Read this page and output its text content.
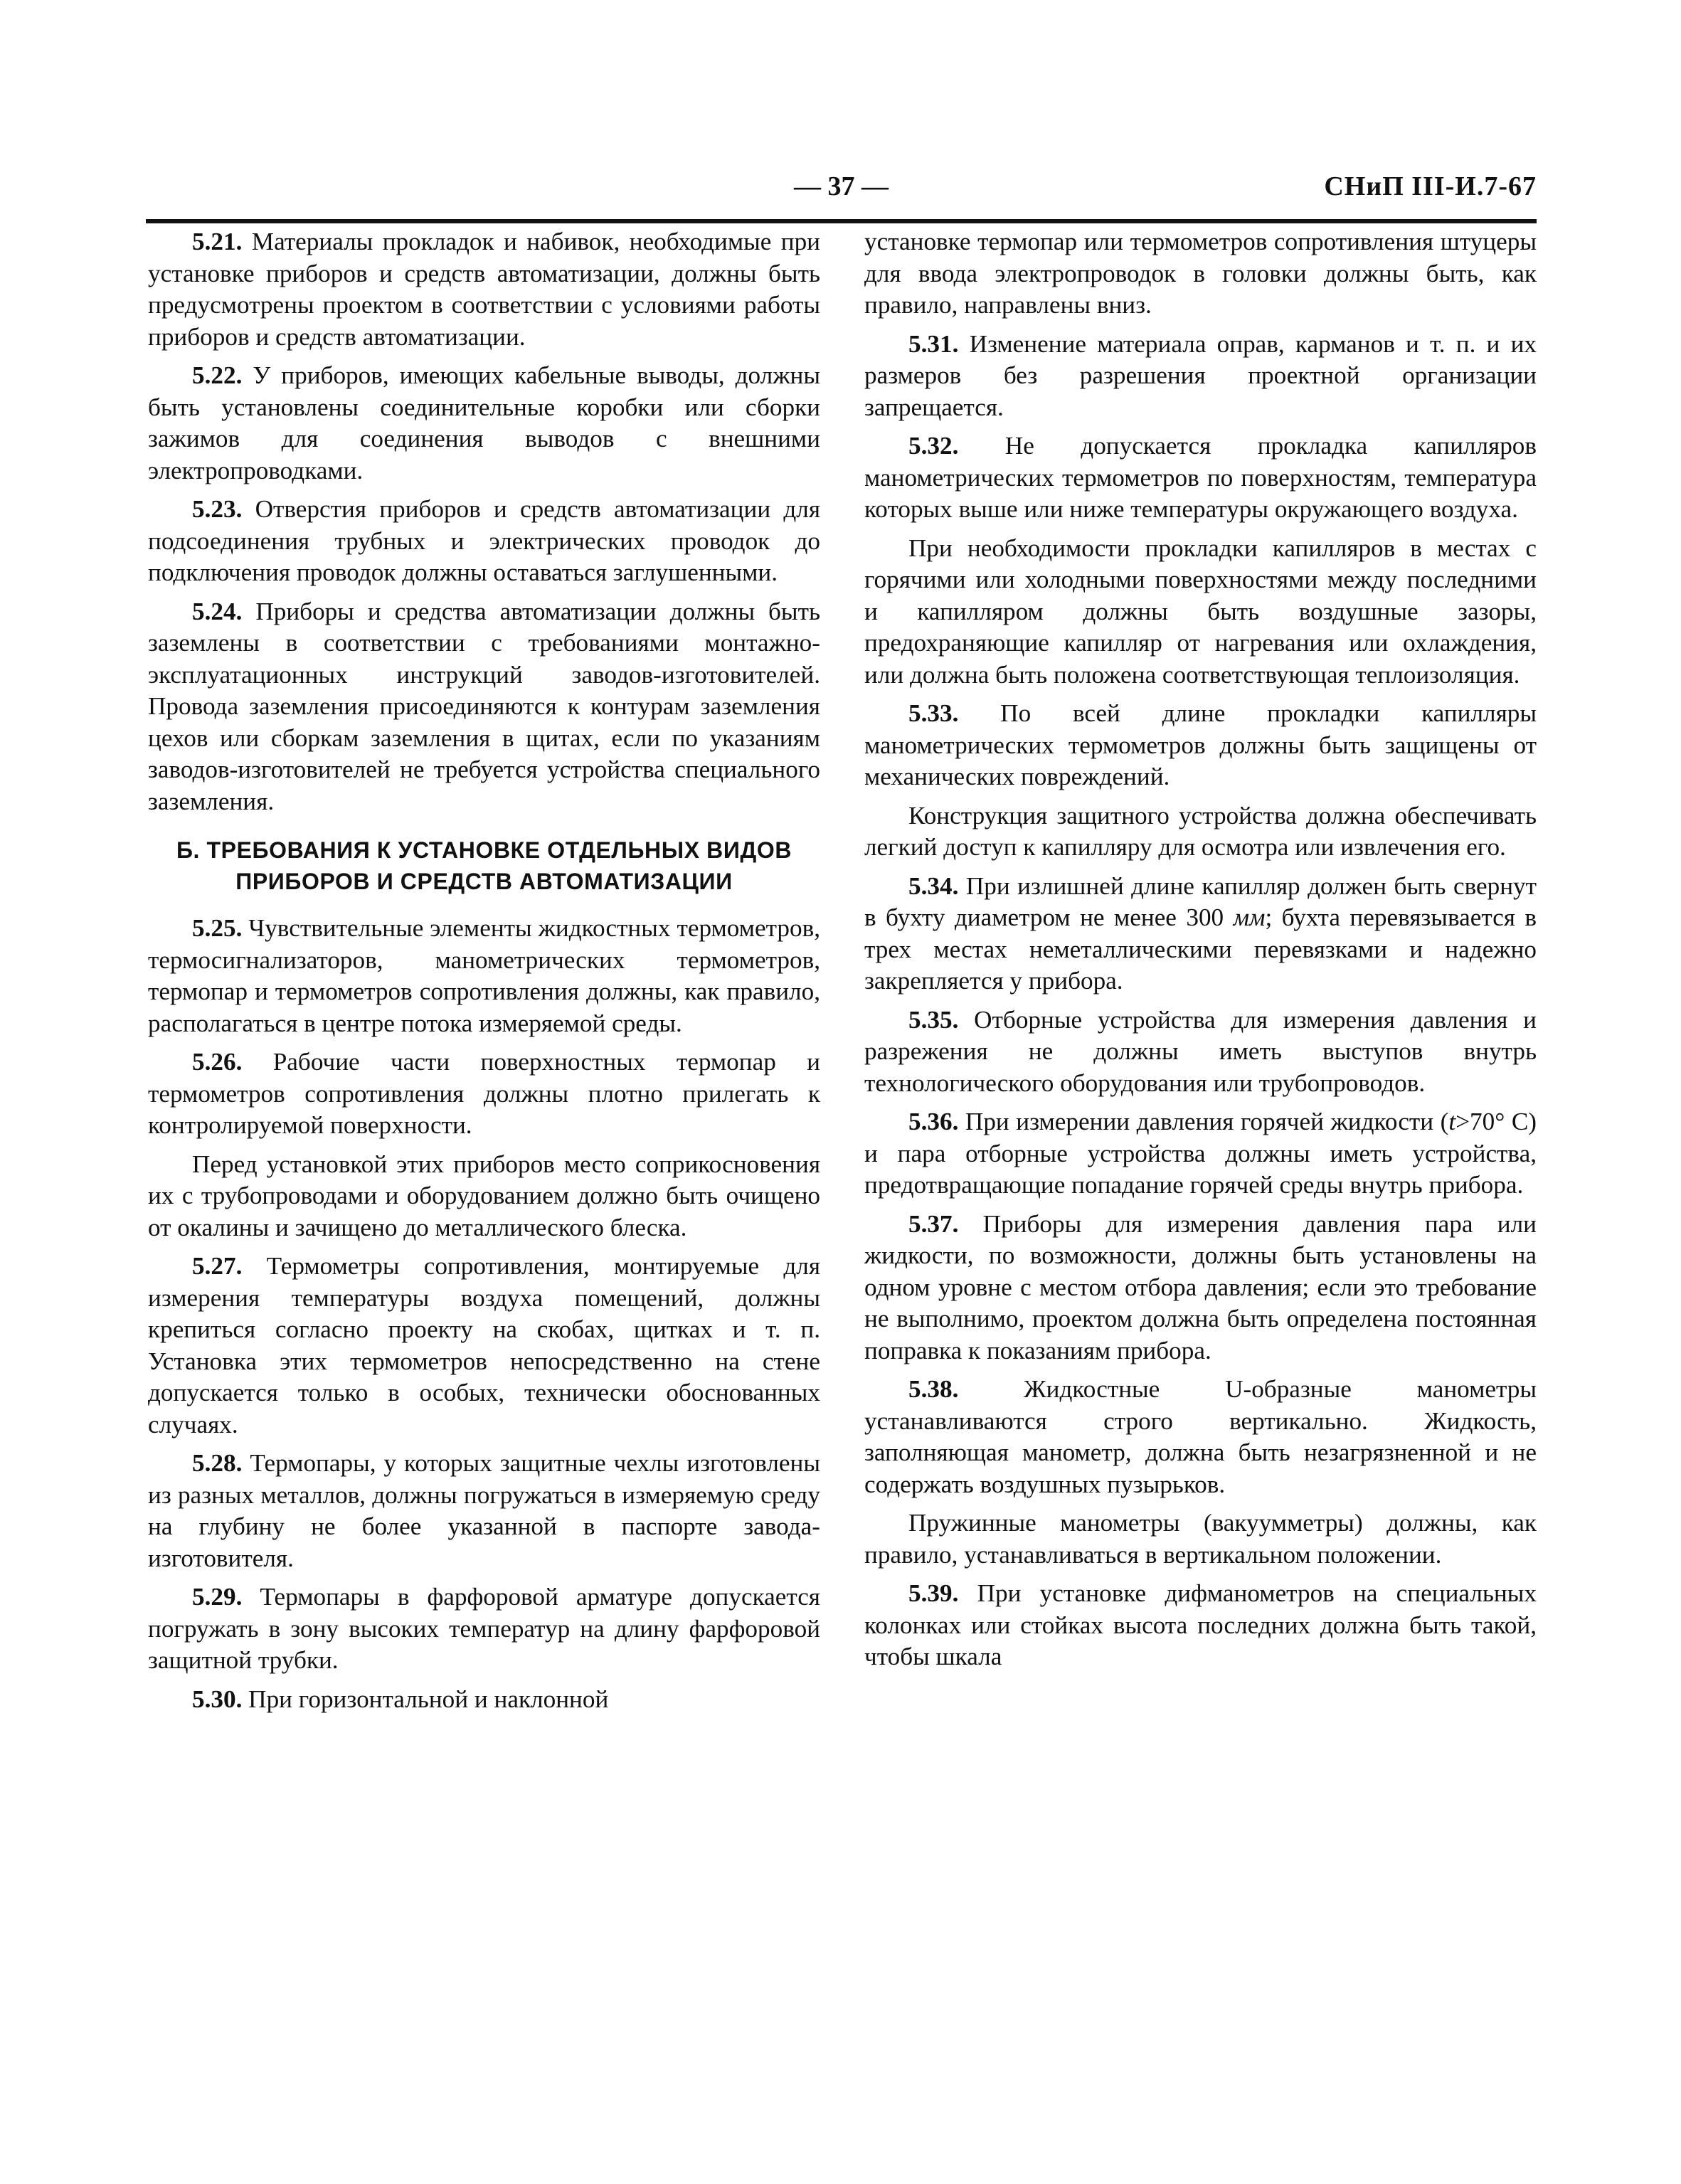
— 37 —	СНиП III-И.7-67

5.21. Материалы прокладок и набивок, необходимые при установке приборов и средств автоматизации, должны быть предусмотрены проектом в соответствии с условиями работы приборов и средств автоматизации.

5.22. У приборов, имеющих кабельные выводы, должны быть установлены соединительные коробки или сборки зажимов для соединения выводов с внешними электропроводками.

5.23. Отверстия приборов и средств автоматизации для подсоединения трубных и электрических проводок до подключения проводок должны оставаться заглушенными.

5.24. Приборы и средства автоматизации должны быть заземлены в соответствии с требованиями монтажно-эксплуатационных инструкций заводов-изготовителей. Провода заземления присоединяются к контурам заземления цехов или сборкам заземления в щитах, если по указаниям заводов-изготовителей не требуется устройства специального заземления.

Б. ТРЕБОВАНИЯ К УСТАНОВКЕ ОТДЕЛЬНЫХ ВИДОВ ПРИБОРОВ И СРЕДСТВ АВТОМАТИЗАЦИИ

5.25. Чувствительные элементы жидкостных термометров, термосигнализаторов, манометрических термометров, термопар и термометров сопротивления должны, как правило, располагаться в центре потока измеряемой среды.

5.26. Рабочие части поверхностных термопар и термометров сопротивления должны плотно прилегать к контролируемой поверхности.

Перед установкой этих приборов место соприкосновения их с трубопроводами и оборудованием должно быть очищено от окалины и зачищено до металлического блеска.

5.27. Термометры сопротивления, монтируемые для измерения температуры воздуха помещений, должны крепиться согласно проекту на скобах, щитках и т. п. Установка этих термометров непосредственно на стене допускается только в особых, технически обоснованных случаях.

5.28. Термопары, у которых защитные чехлы изготовлены из разных металлов, должны погружаться в измеряемую среду на глубину не более указанной в паспорте завода-изготовителя.

5.29. Термопары в фарфоровой арматуре допускается погружать в зону высоких температур на длину фарфоровой защитной трубки.

5.30. При горизонтальной и наклонной

установке термопар или термометров сопротивления штуцеры для ввода электропроводок в головки должны быть, как правило, направлены вниз.

5.31. Изменение материала оправ, карманов и т. п. и их размеров без разрешения проектной организации запрещается.

5.32. Не допускается прокладка капилляров манометрических термометров по поверхностям, температура которых выше или ниже температуры окружающего воздуха.

При необходимости прокладки капилляров в местах с горячими или холодными поверхностями между последними и капилляром должны быть воздушные зазоры, предохраняющие капилляр от нагревания или охлаждения, или должна быть положена соответствующая теплоизоляция.

5.33. По всей длине прокладки капилляры манометрических термометров должны быть защищены от механических повреждений.

Конструкция защитного устройства должна обеспечивать легкий доступ к капилляру для осмотра или извлечения его.

5.34. При излишней длине капилляр должен быть свернут в бухту диаметром не менее 300 мм; бухта перевязывается в трех местах неметаллическими перевязками и надежно закрепляется у прибора.

5.35. Отборные устройства для измерения давления и разрежения не должны иметь выступов внутрь технологического оборудования или трубопроводов.

5.36. При измерении давления горячей жидкости (t>70° С) и пара отборные устройства должны иметь устройства, предотвращающие попадание горячей среды внутрь прибора.

5.37. Приборы для измерения давления пара или жидкости, по возможности, должны быть установлены на одном уровне с местом отбора давления; если это требование не выполнимо, проектом должна быть определена постоянная поправка к показаниям прибора.

5.38.	Жидкостные U-образные манометры устанавливаются строго вертикально. Жидкость, заполняющая манометр, должна быть незагрязненной и не содержать воздушных пузырьков.

Пружинные манометры (вакуумметры) должны, как правило, устанавливаться в вертикальном положении.

5.39. При установке дифманометров на специальных колонках или стойках высота последних должна быть такой, чтобы шкала
